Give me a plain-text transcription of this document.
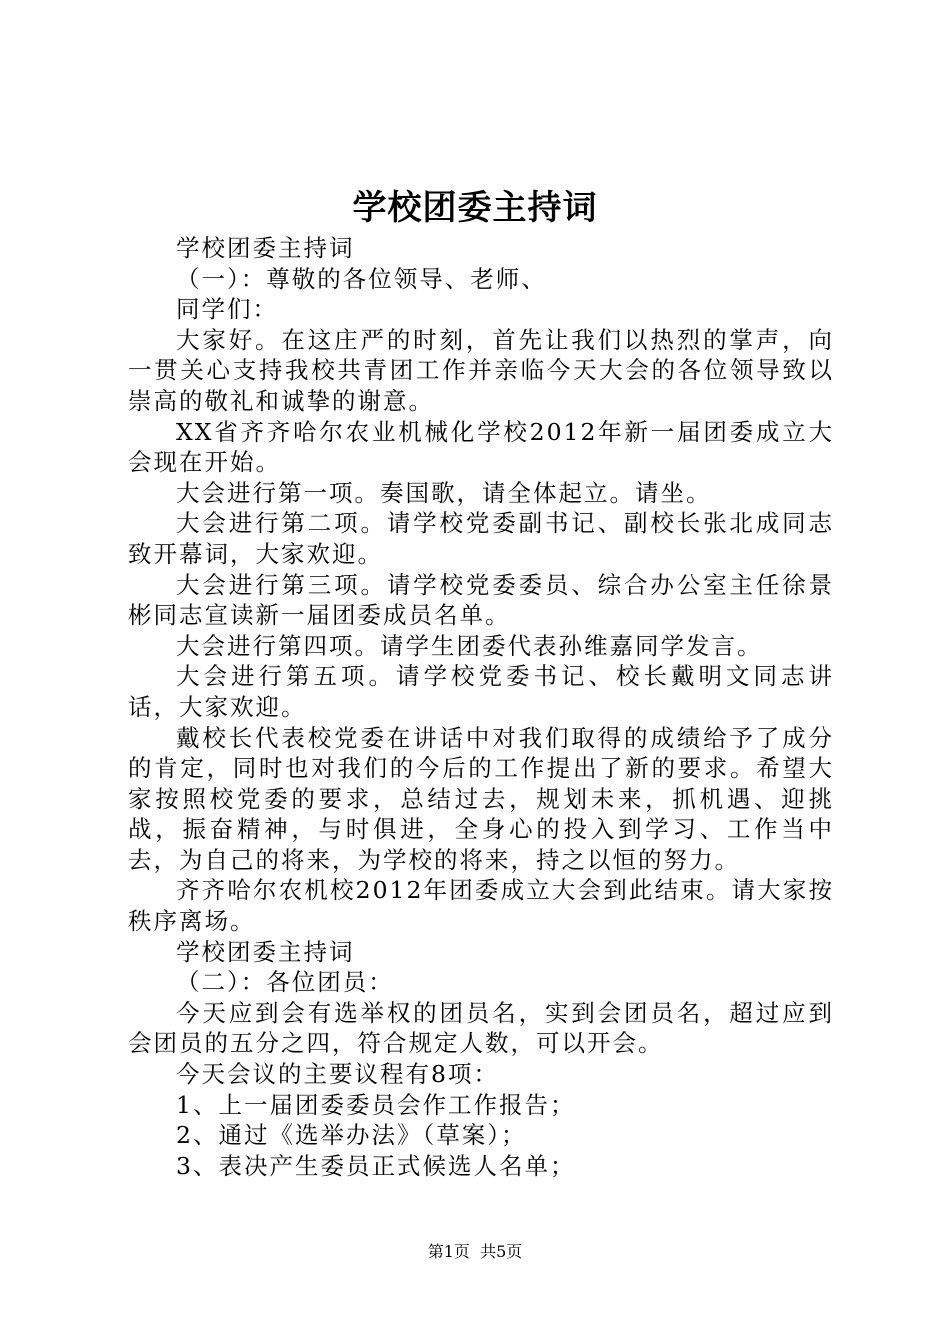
学校团委主持词

学校团委主持词

（一）：尊敬的各位领导、老师、

同学们：

大家好。在这庄严的时刻，首先让我们以热烈的掌声，向一贯关心支持我校共青团工作并亲临今天大会的各位领导致以崇高的敬礼和诚挚的谢意。

XX省齐齐哈尔农业机械化学校2012年新一届团委成立大会现在开始。

大会进行第一项。奏国歌，请全体起立。请坐。

大会进行第二项。请学校党委副书记、副校长张北成同志致开幕词，大家欢迎。

大会进行第三项。请学校党委委员、综合办公室主任徐景彬同志宣读新一届团委成员名单。

大会进行第四项。请学生团委代表孙维嘉同学发言。

大会进行第五项。请学校党委书记、校长戴明文同志讲话，大家欢迎。

戴校长代表校党委在讲话中对我们取得的成绩给予了成分的肯定，同时也对我们的今后的工作提出了新的要求。希望大家按照校党委的要求，总结过去，规划未来，抓机遇、迎挑战，振奋精神，与时俱进，全身心的投入到学习、工作当中去，为自己的将来，为学校的将来，持之以恒的努力。

齐齐哈尔农机校2012年团委成立大会到此结束。请大家按秩序离场。

学校团委主持词

（二）：各位团员：

今天应到会有选举权的团员名，实到会团员名，超过应到会团员的五分之四，符合规定人数，可以开会。

今天会议的主要议程有8项：

1、上一届团委委员会作工作报告；

2、通过《选举办法》（草案）；

3、表决产生委员正式候选人名单；

第1页  共5页
